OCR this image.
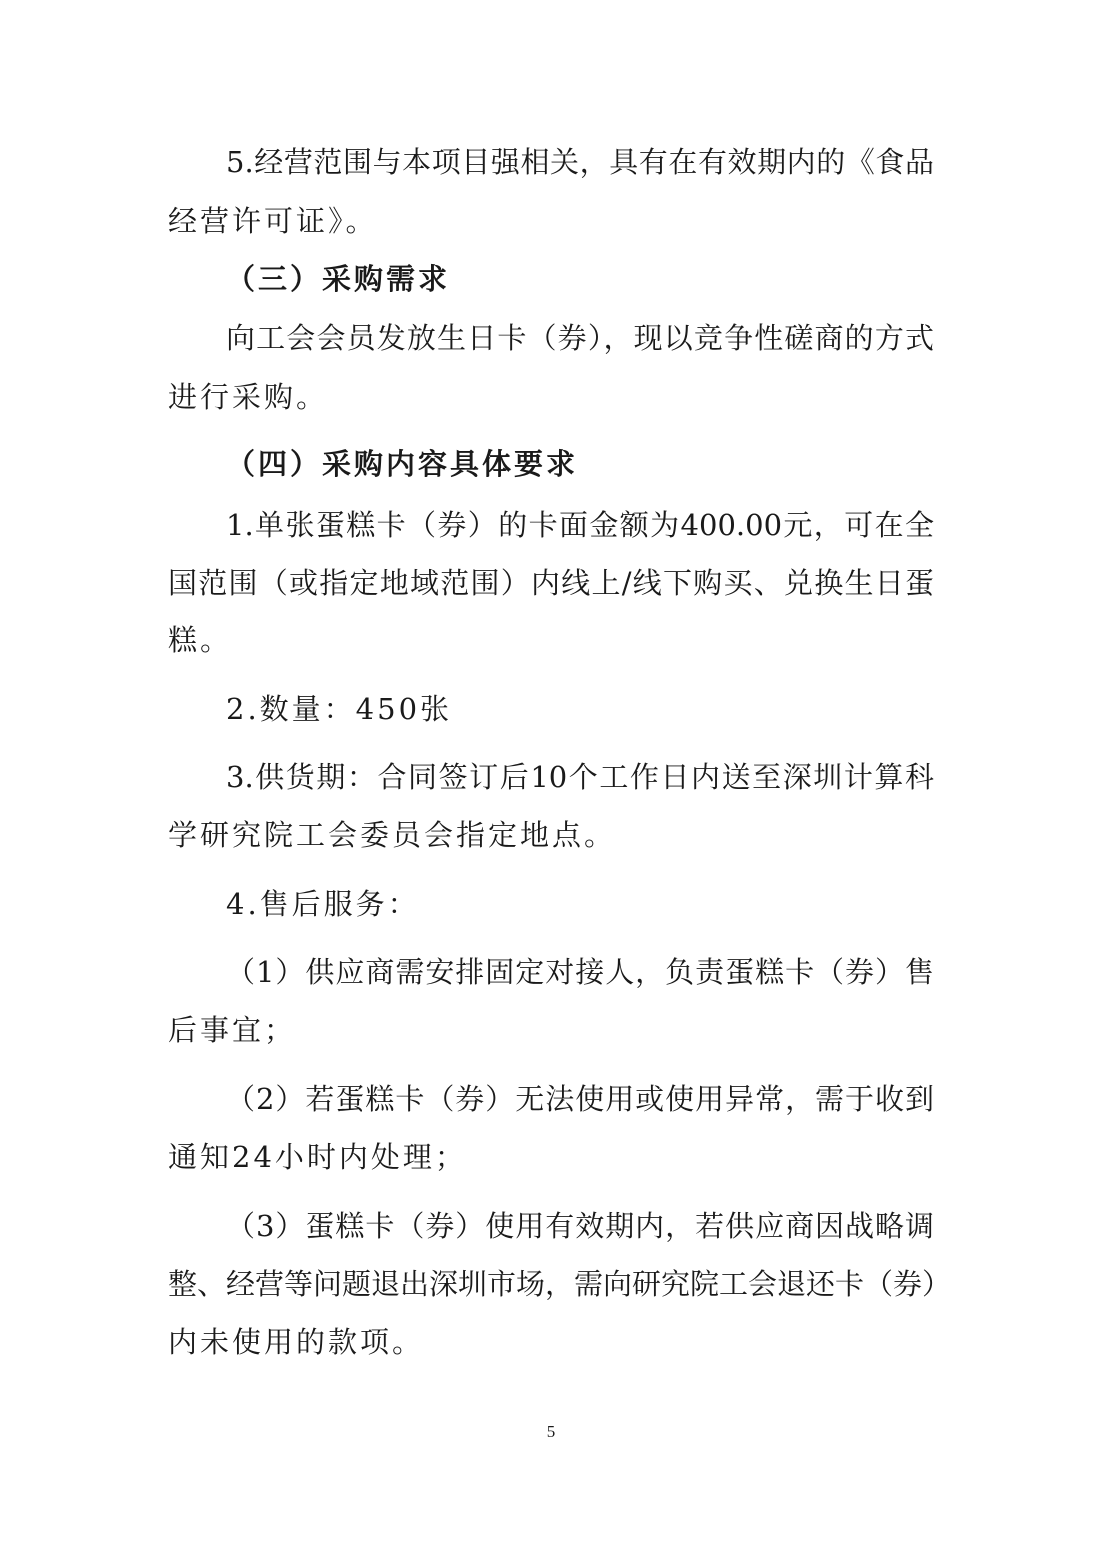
5.经营范围与本项目强相关，具有在有效期内的《食品
经营许可证》。
（三）采购需求
向工会会员发放生日卡（券），现以竞争性磋商的方式
进行采购。
（四）采购内容具体要求
1.单张蛋糕卡（券）的卡面金额为400.00元，可在全
国范围（或指定地域范围）内线上/线下购买、兑换生日蛋
糕。
2.数量：450张
3.供货期：合同签订后10个工作日内送至深圳计算科
学研究院工会委员会指定地点。
4.售后服务：
（1）供应商需安排固定对接人，负责蛋糕卡（券）售
后事宜；
（2）若蛋糕卡（券）无法使用或使用异常，需于收到
通知24小时内处理；
（3）蛋糕卡（券）使用有效期内，若供应商因战略调
整、经营等问题退出深圳市场，需向研究院工会退还卡（券）
内未使用的款项。
5
